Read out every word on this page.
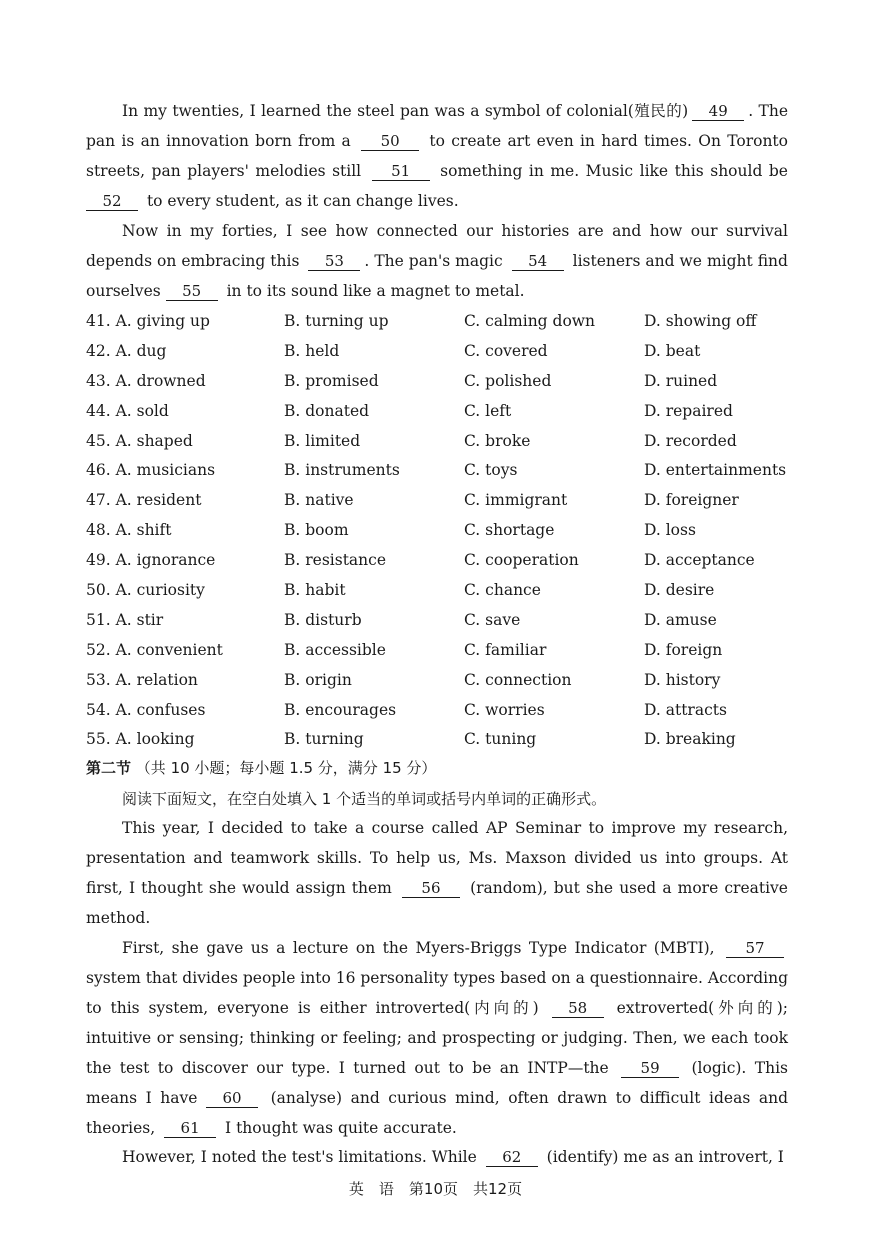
In my twenties, I learned the steel pan was a symbol of colonial(殖民的) 49 . The pan is an innovation born from a 50 to create art even in hard times. On Toronto streets, pan players' melodies still 51 something in me. Music like this should be 52 to every student, as it can change lives.
Now in my forties, I see how connected our histories are and how our survival depends on embracing this 53 . The pan's magic 54 listeners and we might find ourselves 55 in to its sound like a magnet to metal.
41. A. giving up	B. turning up	C. calming down	D. showing off
42. A. dug	B. held	C. covered	D. beat
43. A. drowned	B. promised	C. polished	D. ruined
44. A. sold	B. donated	C. left	D. repaired
45. A. shaped	B. limited	C. broke	D. recorded
46. A. musicians	B. instruments	C. toys	D. entertainments
47. A. resident	B. native	C. immigrant	D. foreigner
48. A. shift	B. boom	C. shortage	D. loss
49. A. ignorance	B. resistance	C. cooperation	D. acceptance
50. A. curiosity	B. habit	C. chance	D. desire
51. A. stir	B. disturb	C. save	D. amuse
52. A. convenient	B. accessible	C. familiar	D. foreign
53. A. relation	B. origin	C. connection	D. history
54. A. confuses	B. encourages	C. worries	D. attracts
55. A. looking	B. turning	C. tuning	D. breaking
第二节 （共 10 小题；每小题 1.5 分，满分 15 分）
阅读下面短文，在空白处填入 1 个适当的单词或括号内单词的正确形式。
This year, I decided to take a course called AP Seminar to improve my research, presentation and teamwork skills. To help us, Ms. Maxson divided us into groups. At first, I thought she would assign them 56 (random), but she used a more creative method.
First, she gave us a lecture on the Myers-Briggs Type Indicator (MBTI), 57 system that divides people into 16 personality types based on a questionnaire. According to this system, everyone is either introverted(内向的) 58 extroverted(外向的); intuitive or sensing; thinking or feeling; and prospecting or judging. Then, we each took the test to discover our type. I turned out to be an INTP—the 59 (logic). This means I have 60 (analyse) and curious mind, often drawn to difficult ideas and theories, 61 I thought was quite accurate.
However, I noted the test's limitations. While 62 (identify) me as an introvert, I
英　语　第10页　共12页
